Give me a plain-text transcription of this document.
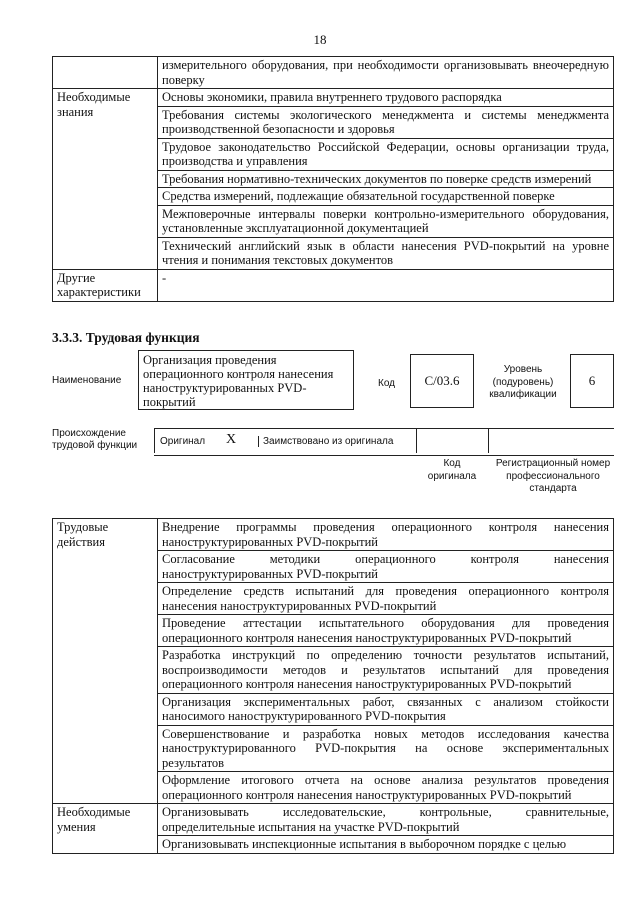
18
	измерительного оборудования, при необходимости организовывать внеочередную поверку
Необходимые знания	Основы экономики, правила внутреннего трудового распорядка
	Требования системы экологического менеджмента и системы менеджмента производственной безопасности и здоровья
	Трудовое законодательство Российской Федерации, основы организации труда, производства и управления
	Требования нормативно-технических документов по поверке средств измерений
	Средства измерений, подлежащие обязательной государственной поверке
	Межповерочные интервалы поверки контрольно-измерительного оборудования, установленные эксплуатационной документацией
	Технический английский язык в области нанесения PVD-покрытий на уровне чтения и понимания текстовых документов
Другие характеристики	-
3.3.3. Трудовая функция
Наименование
Организация проведения операционного контроля нанесения наноструктурированных PVD-покрытий
Код	С/03.6
Уровень (подуровень) квалификации
6
Происхождение трудовой функции	Оригинал X	Заимствовано из оригинала
Код оригинала
Регистрационный номер профессионального стандарта
Трудовые действия	Внедрение программы проведения операционного контроля нанесения наноструктурированных PVD-покрытий
	Согласование методики операционного контроля нанесения наноструктурированных PVD-покрытий
	Определение средств испытаний для проведения операционного контроля нанесения наноструктурированных PVD-покрытий
	Проведение аттестации испытательного оборудования для проведения операционного контроля нанесения наноструктурированных PVD-покрытий
	Разработка инструкций по определению точности результатов испытаний, воспроизводимости методов и результатов испытаний для проведения операционного контроля нанесения наноструктурированных PVD-покрытий
	Организация экспериментальных работ, связанных с анализом стойкости наносимого наноструктурированного PVD-покрытия
	Совершенствование и разработка новых методов исследования качества наноструктурированного PVD-покрытия на основе экспериментальных результатов
	Оформление итогового отчета на основе анализа результатов проведения операционного контроля нанесения наноструктурированных PVD-покрытий
Необходимые умения	Организовывать исследовательские, контрольные, сравнительные, определительные испытания на участке PVD-покрытий
	Организовывать инспекционные испытания в выборочном порядке с целью
